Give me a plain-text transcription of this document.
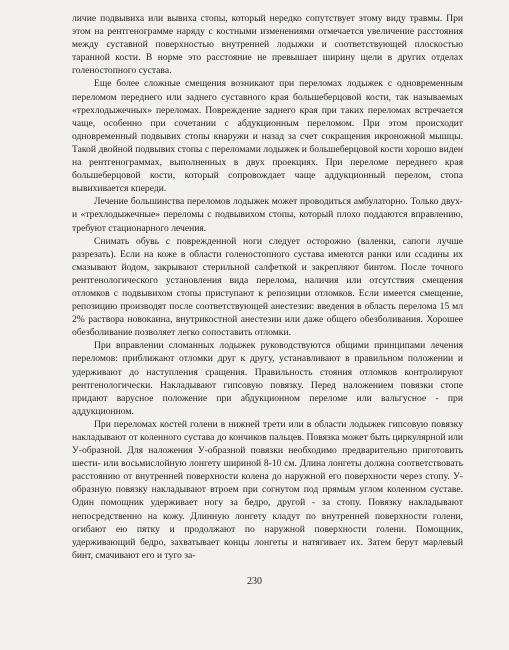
личие подвывиха или вывиха стопы, который нередко сопутствует этому виду травмы. При этом на рентгенограмме наряду с костными изменениями отмечается увеличение расстояния между суставной поверхностью внутренней лодыжки и соответствующей плоскостью таранной кости. В норме это расстояние не превышает ширину щели в других отделах голеностопного сустава.

Еще более сложные смещения возникают при переломах лодыжек с одновременным переломом переднего или заднего суставного края большеберцовой кости, так называемых «трехлодыжечных» переломах. Повреждение заднего края при таких переломах встречается чаще, особенно при сочетании с абдукционным переломом. При этом происходит одновременный подвывих стопы кнаружи и назад за счет сокращения икроножной мышцы. Такой двойной подвывих стопы с переломами лодыжек и большеберцовой кости хорошо виден на рентгенограммах, выполненных в двух проекциях. При переломе переднего края большеберцовой кости, который сопровождает чаще аддукционный перелом, стопа вывихивается кпереди.

Лечение большинства переломов лодыжек может проводиться амбулаторно. Только двух- и «трехлодыжечные» переломы с подвывихом стопы, который плохо поддаются вправлению, требуют стационарного лечения.

Снимать обувь с поврежденной ноги следует осторожно (валенки, сапоги лучше разрезать). Если на коже в области голеностопного сустава имеются ранки или ссадины их смазывают йодом, закрывают стерильной салфеткой и закрепляют бинтом. После точного рентгенологического установления вида перелома, наличия или отсутствия смещения отломков с подвывихом стопы приступают к репозиции отломков. Если имеется смещение, репозицию производят после соответствующей анестезии: введения в область перелома 15 мл 2% раствора новокаина, внутрикостной анестезии или даже общего обезболивания. Хорошее обезболивание позволяет легко сопоставить отломки.

При вправлении сломанных лодыжек руководствуются общими принципами лечения переломов: приближают отломки друг к другу, устанавливают в правильном положении и удерживают до наступления сращения. Правильность стояния отломков контролируют рентгенологически. Накладывают гипсовую повязку. Перед наложением повязки стопе придают варусное положение при абдукционном переломе или вальгусное - при аддукционном.

При переломах костей голени в нижней трети или в области лодыжек гипсовую повязку накладывают от коленного сустава до кончиков пальцев. Повязка может быть циркулярной или У-образной. Для наложения У-образной повязки необходимо предварительно приготовить шести- или восьмислойную лонгету шириной 8-10 см. Длина лонгеты должна соответствовать расстоянию от внутренней поверхности колена до наружной его поверхности через стопу. У-образную повязку накладывают втроем при согнутом под прямым углом коленном суставе. Один помощник удерживает ногу за бедро, другой - за стопу. Повязку накладывают непосредственно на кожу. Длинную лонгету кладут по внутренней поверхности голени, огибают ею пятку и продолжают по наружной поверхности голени. Помощник, удерживающий бедро, захватывает концы лонгеты и натягивает их. Затем берут марлевый бинт, смачивают его и туго за-

230
